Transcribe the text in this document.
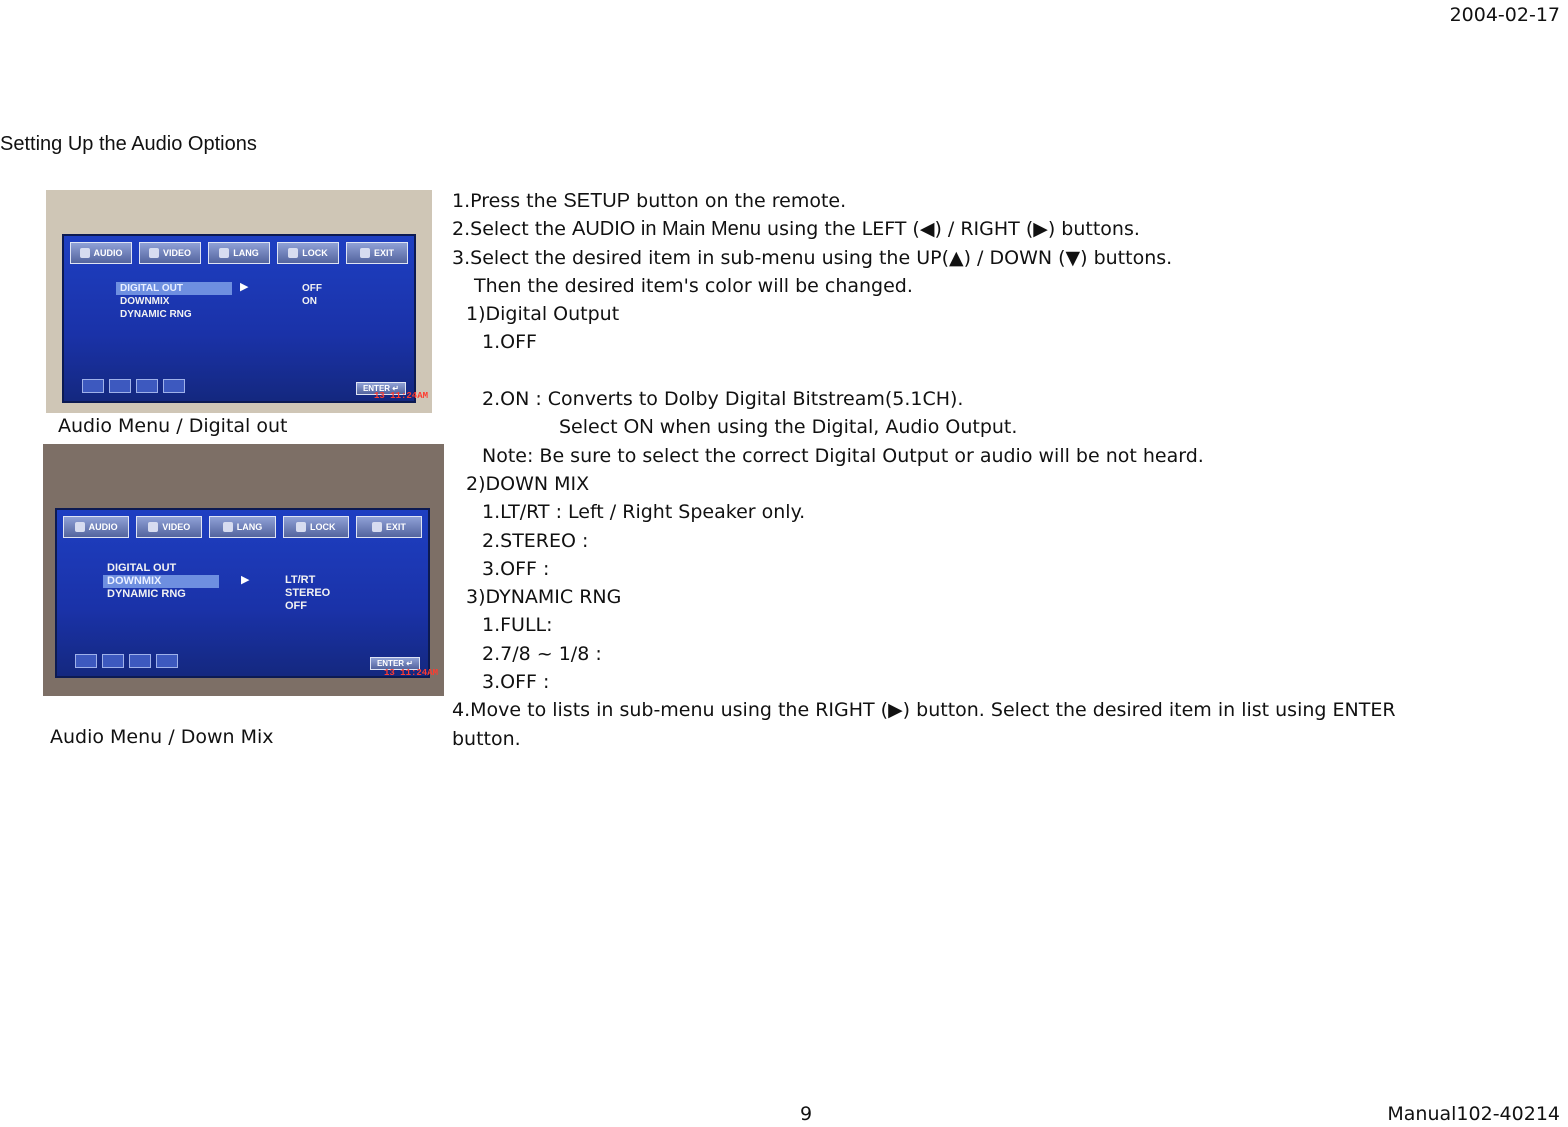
2004-02-17
Setting Up the Audio Options
AUDIO	VIDEO	LANG	LOCK	EXIT
DIGITAL OUT
DOWNMIX
DYNAMIC RNG
▶	OFF
ON
ENTER ↵
13 11:24AM
Audio Menu / Digital out
AUDIO	VIDEO	LANG	LOCK	EXIT
DIGITAL OUT
DOWNMIX
DYNAMIC RNG
▶	LT/RT
STEREO
OFF
ENTER ↵
13 11:24AM
Audio Menu / Down Mix
1.Press the SETUP button on the remote.
2.Select the AUDIO in Main Menu using the LEFT (◀) / RIGHT (▶) buttons.
3.Select the desired item in sub-menu using the UP(▲) / DOWN (▼) buttons.
Then the desired item's color will be changed.
1)Digital Output
1.OFF
2.ON : Converts to Dolby Digital Bitstream(5.1CH).
Select ON when using the Digital, Audio Output.
Note: Be sure to select the correct Digital Output or audio will be not heard.
2)DOWN MIX
1.LT/RT : Left / Right Speaker only.
2.STEREO :
3.OFF :
3)DYNAMIC RNG
1.FULL:
2.7/8 ~ 1/8 :
3.OFF :
4.Move to lists in sub-menu using the RIGHT (▶) button. Select the desired item in list using ENTER
button.
9	Manual102-40214
